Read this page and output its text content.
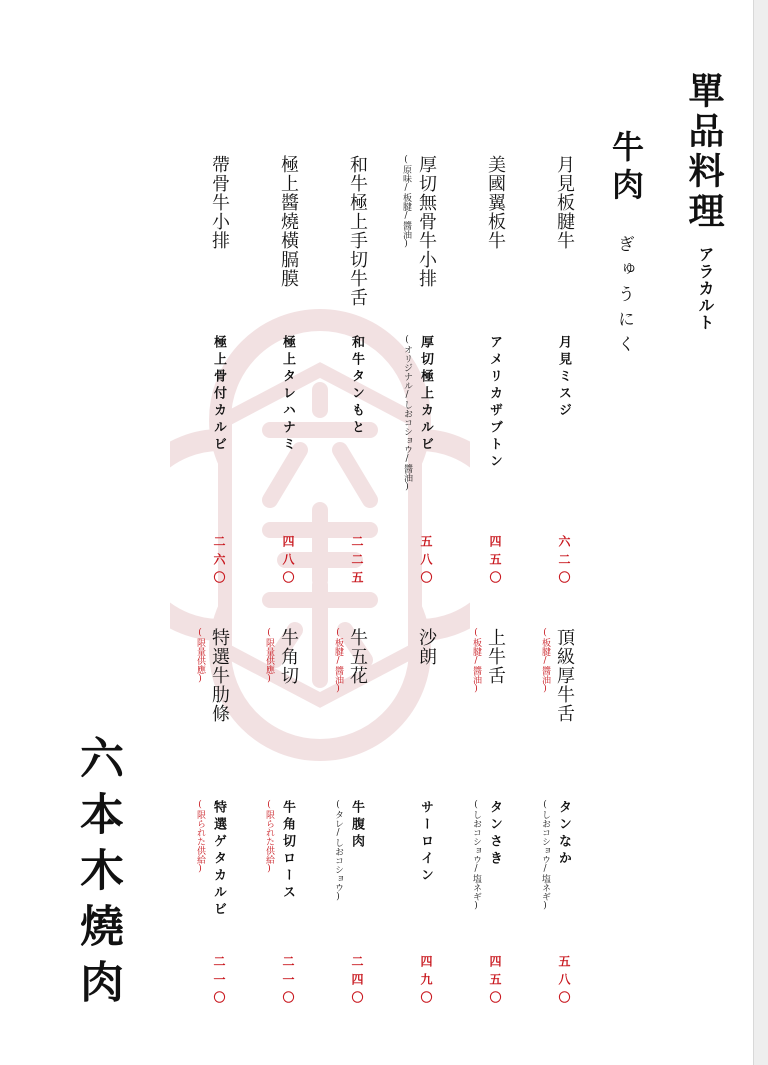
單品料理
アラカルト
牛肉
ぎゅうにく
月見板腱牛
月見ミスジ
六二〇
美國翼板牛
アメリカザブトン
四五〇
厚切無骨牛小排
(原味/板腱/醬油)
厚切極上カルビ
(オリジナル/しおコショウ/醬油)
五八〇
和牛極上手切牛舌
和牛タンもと
二二五
極上醬燒橫膈膜
極上タレハナミ
四八〇
帶骨牛小排
極上骨付カルビ
二六〇
頂級厚牛舌
(板腱/醬油)
タンなか
(しおコショウ/塩ネギ)
五八〇
上牛舌
(板腱/醬油)
タンさき
(しおコショウ/塩ネギ)
四五〇
沙朗
サーロイン
四九〇
牛五花
(板腱/醬油)
牛腹肉
(タレ/しおコショウ)
二四〇
牛角切
(限量供應)
牛角切ロース
(限られた供給)
二一〇
特選牛肋條
(限量供應)
特選ゲタカルビ
(限られた供給)
二一〇
六本木燒肉
